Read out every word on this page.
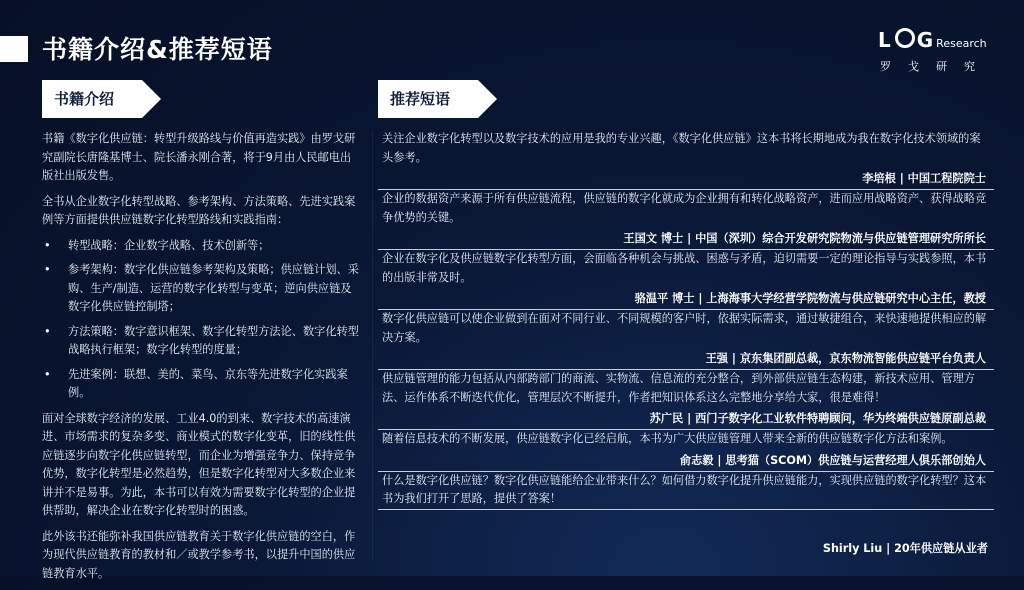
书籍介绍&推荐短语	L G Research
罗戈研究
书籍介绍	推荐短语

书籍《数字化供应链：转型升级路线与价值再造实践》由罗戈研究副院长唐隆基博士、院长潘永刚合著，将于9月由人民邮电出版社出版发售。

全书从企业数字化转型战略、参考架构、方法策略、先进实践案例等方面提供供应链数字化转型路线和实践指南：

• 转型战略：企业数字战略、技术创新等；
• 参考架构：数字化供应链参考架构及策略；供应链计划、采购、生产/制造、运营的数字化转型与变革；逆向供应链及数字化供应链控制塔；
• 方法策略：数字意识框架、数字化转型方法论、数字化转型战略执行框架；数字化转型的度量；
• 先进案例：联想、美的、菜鸟、京东等先进数字化实践案例。

面对全球数字经济的发展、工业4.0的到来、数字技术的高速演进、市场需求的复杂多变、商业模式的数字化变革，旧的线性供应链逐步向数字化供应链转型，而企业为增强竞争力、保持竞争优势，数字化转型是必然趋势，但是数字化转型对大多数企业来讲并不是易事。为此，本书可以有效为需要数字化转型的企业提供帮助，解决企业在数字化转型时的困惑。

此外该书还能弥补我国供应链教育关于数字化供应链的空白，作为现代供应链教育的教材和／或教学参考书，以提升中国的供应链教育水平。

关注企业数字化转型以及数字技术的应用是我的专业兴趣，《数字化供应链》这本书将长期地成为我在数字化技术领域的案头参考。
李培根 | 中国工程院院士
企业的数据资产来源于所有供应链流程，供应链的数字化就成为企业拥有和转化战略资产，进而应用战略资产、获得战略竞争优势的关键。
王国文 博士 | 中国（深圳）综合开发研究院物流与供应链管理研究所所长
企业在数字化及供应链数字化转型方面，会面临各种机会与挑战、困惑与矛盾，迫切需要一定的理论指导与实践参照，本书的出版非常及时。
骆温平 博士 | 上海海事大学经营学院物流与供应链研究中心主任，教授
数字化供应链可以使企业做到在面对不同行业、不同规模的客户时，依据实际需求，通过敏捷组合，来快速地提供相应的解决方案。
王强 | 京东集团副总裁，京东物流智能供应链平台负责人
供应链管理的能力包括从内部跨部门的商流、实物流、信息流的充分整合，到外部供应链生态构建，新技术应用、管理方法、运作体系不断迭代优化，管理层次不断提升，作者把知识体系这么完整地分享给大家，很是难得！
苏广民 | 西门子数字化工业软件特聘顾问，华为终端供应链原副总裁
随着信息技术的不断发展，供应链数字化已经启航，本书为广大供应链管理人带来全新的供应链数字化方法和案例。
俞志毅 | 思考猫（SCOM）供应链与运营经理人俱乐部创始人
什么是数字化供应链？数字化供应链能给企业带来什么？如何借力数字化提升供应链能力，实现供应链的数字化转型？这本书为我们打开了思路，提供了答案！
Shirly Liu | 20年供应链从业者
